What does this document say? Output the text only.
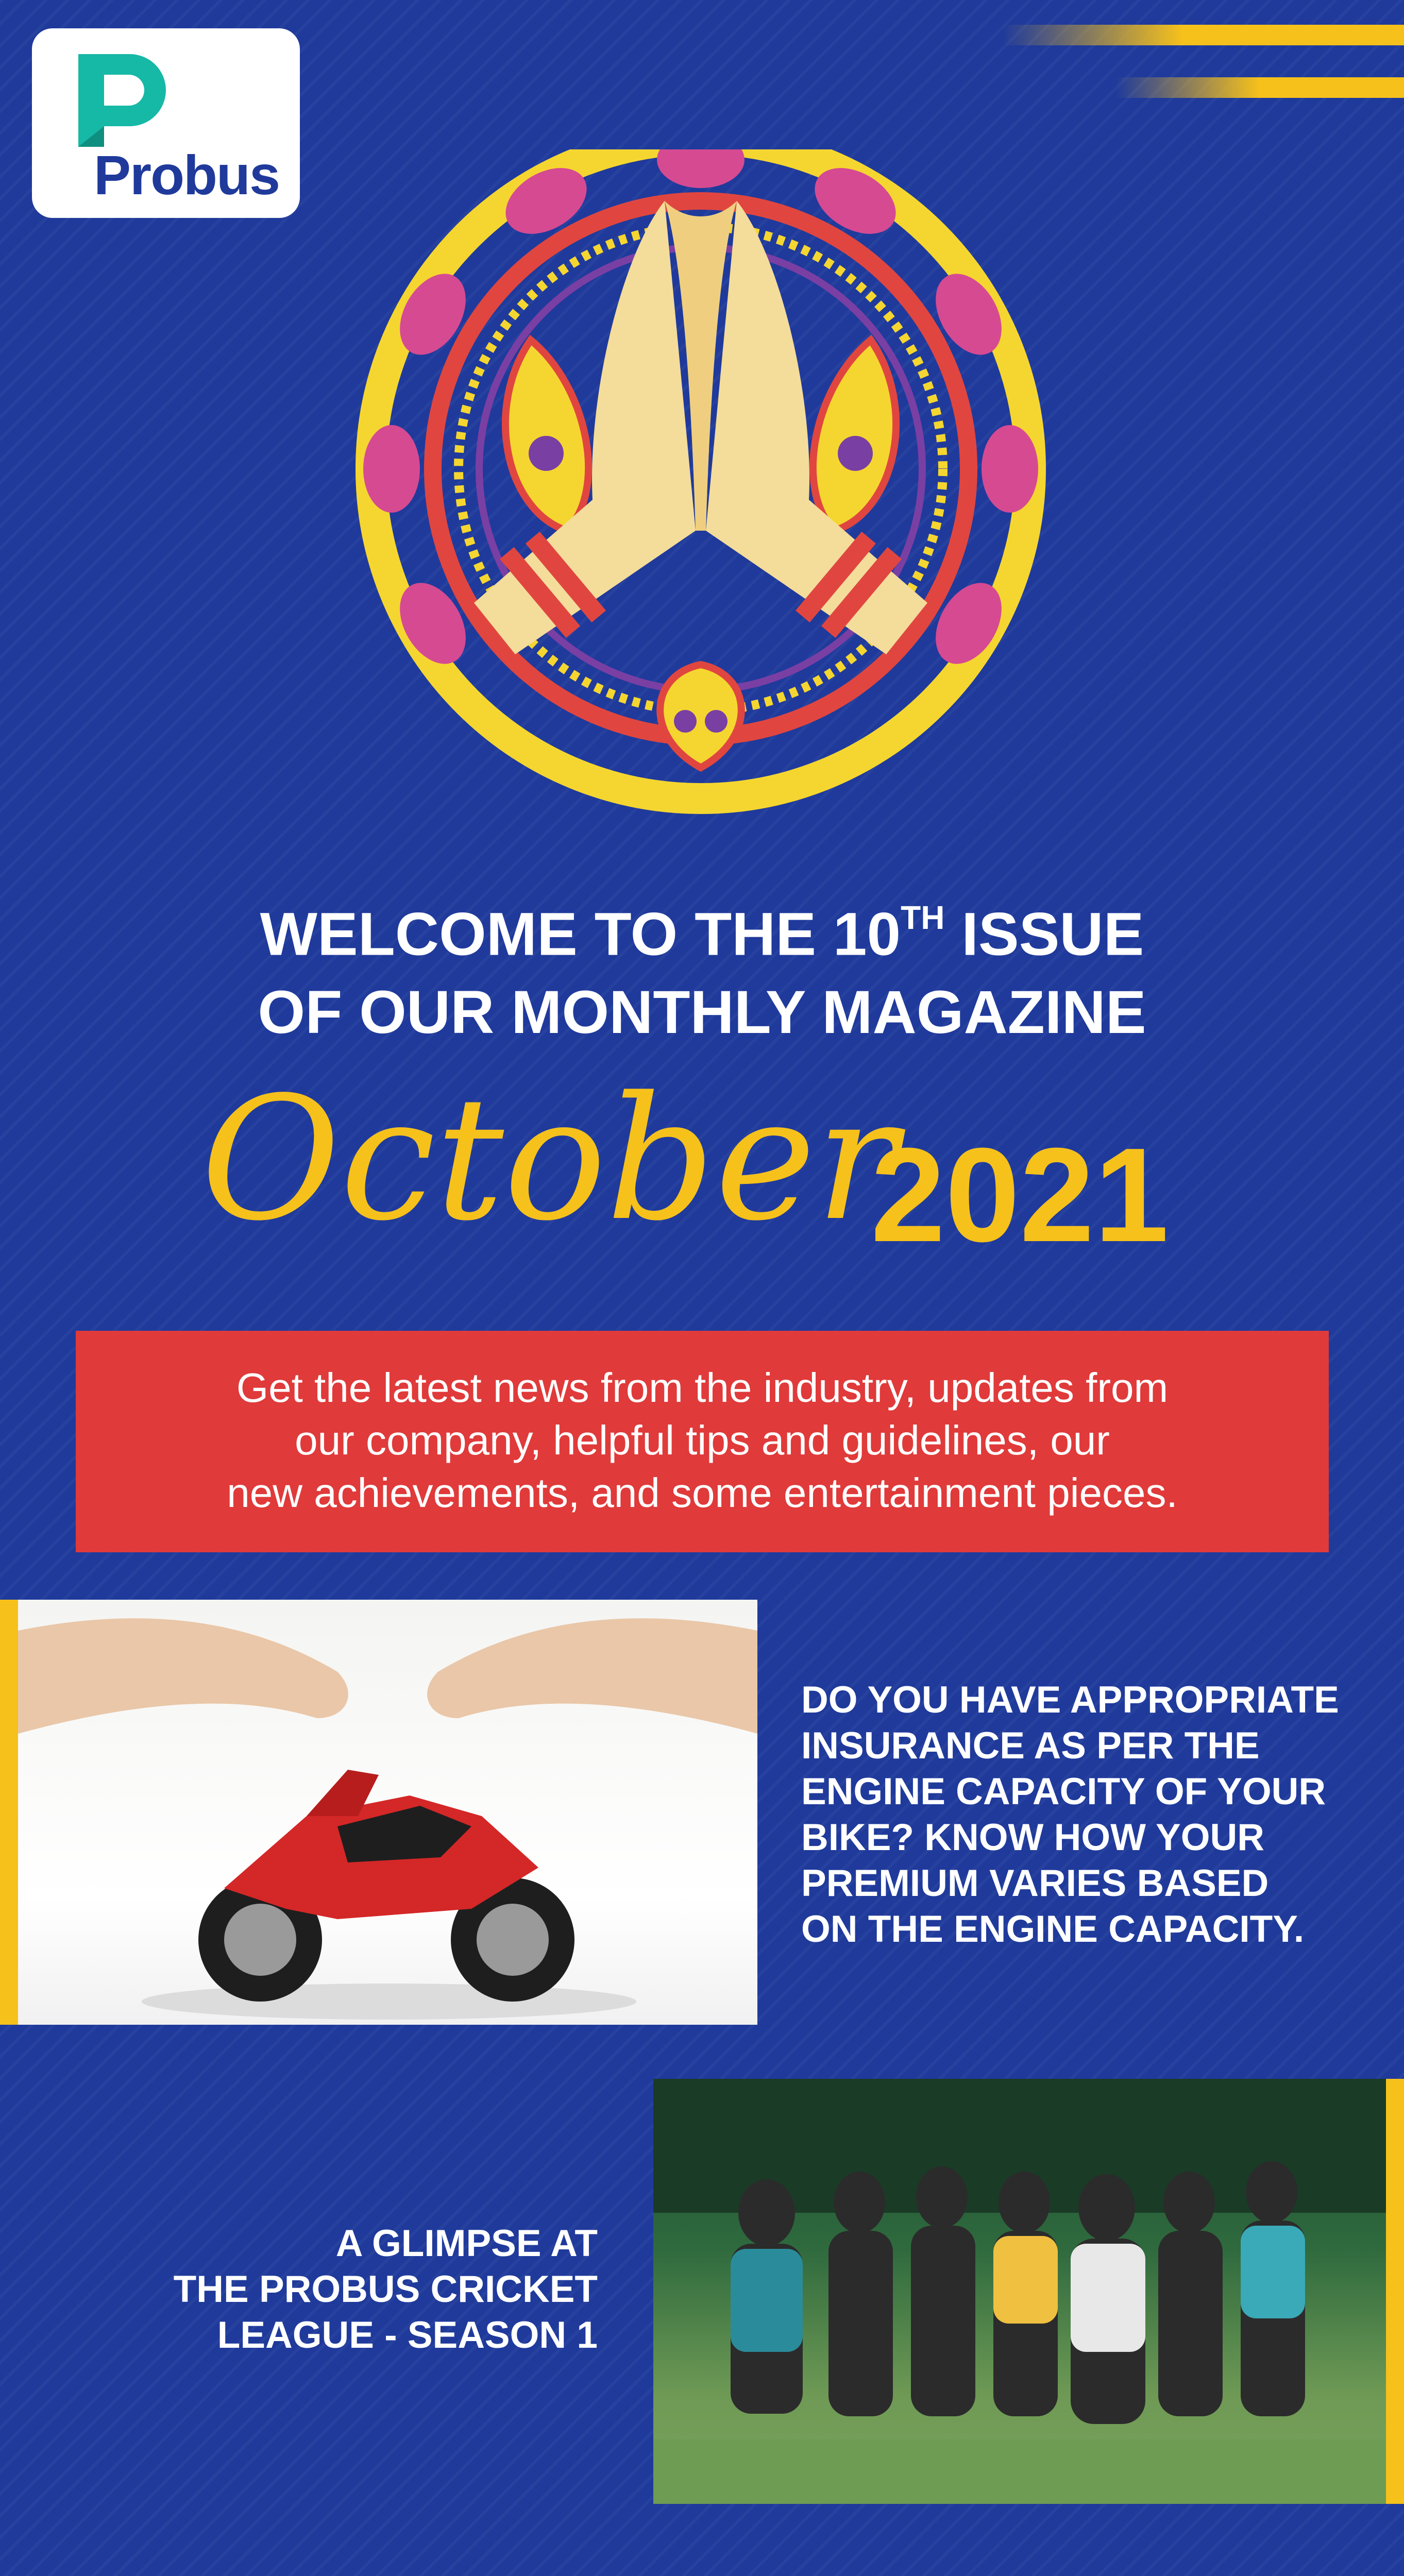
Probus
WELCOME TO THE 10TH ISSUE
OF OUR MONTHLY MAGAZINE
October
2021
Get the latest news from the industry, updates from
our company, helpful tips and guidelines, our
new achievements, and some entertainment pieces.
DO YOU HAVE APPROPRIATE
INSURANCE AS PER THE
ENGINE CAPACITY OF YOUR
BIKE? KNOW HOW YOUR
PREMIUM VARIES BASED
ON THE ENGINE CAPACITY.
A GLIMPSE AT
THE PROBUS CRICKET
LEAGUE - SEASON 1
